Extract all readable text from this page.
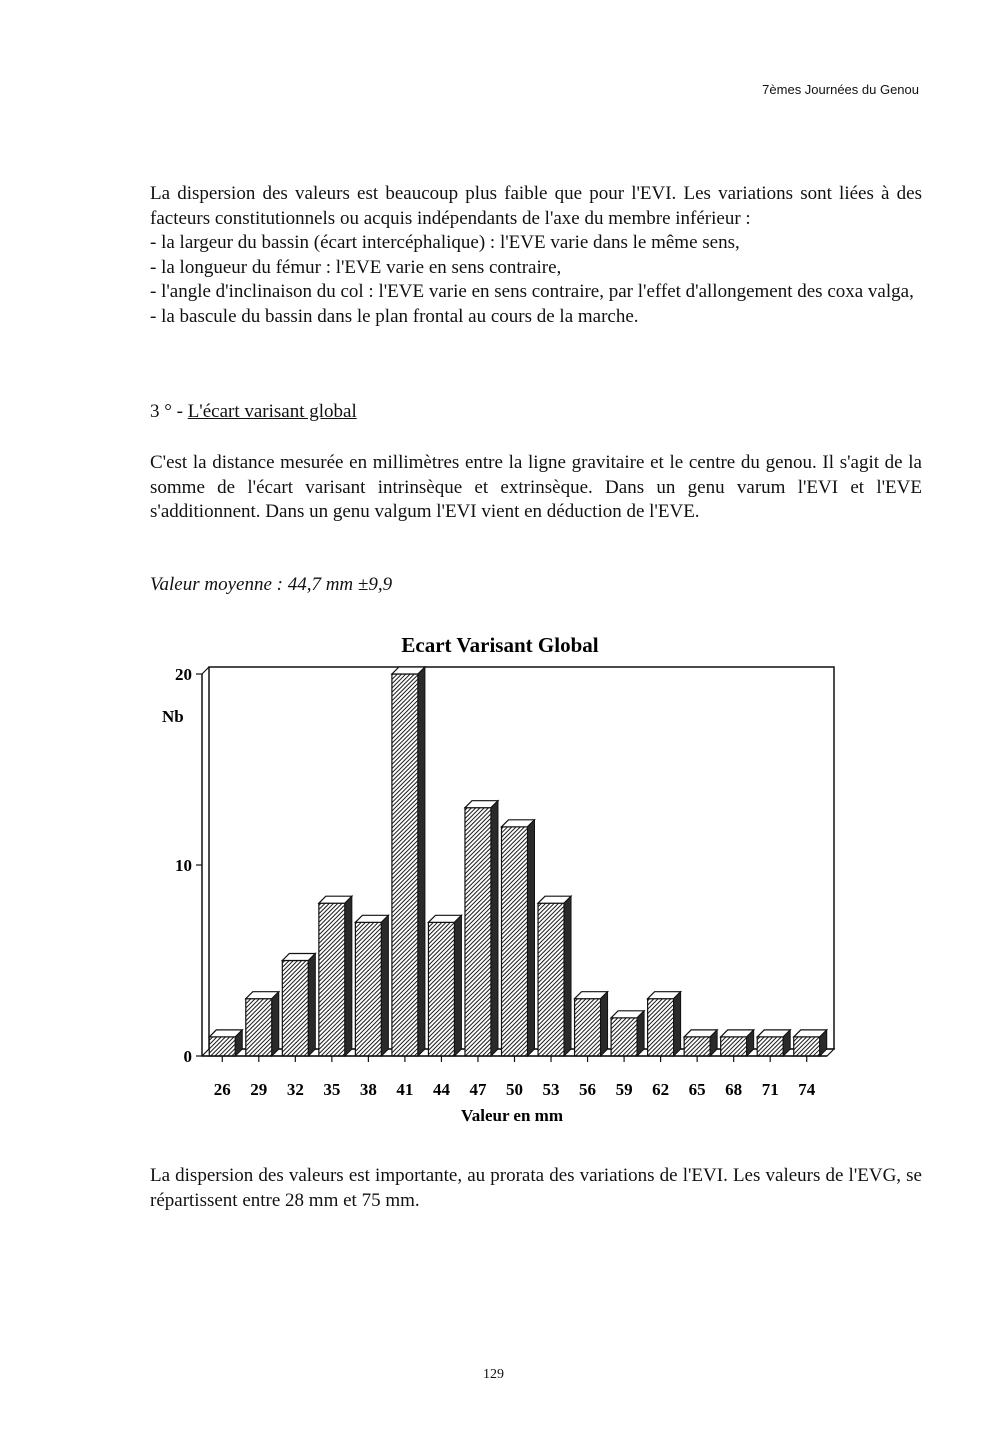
7èmes Journées du Genou
La dispersion des valeurs est beaucoup plus faible que pour l'EVI. Les variations sont liées à des facteurs constitutionnels ou acquis indépendants de l'axe du membre inférieur :
- la largeur du bassin (écart intercéphalique) : l'EVE varie dans le même sens,
- la longueur du fémur : l'EVE varie en sens contraire,
- l'angle d'inclinaison du col : l'EVE varie en sens contraire, par l'effet d'allongement des coxa valga,
- la bascule du bassin dans le plan frontal au cours de la marche.
3 ° - L'écart varisant global
C'est la distance mesurée en millimètres entre la ligne gravitaire et le centre du genou. Il s'agit de la somme de l'écart varisant intrinsèque et extrinsèque. Dans un genu varum l'EVI et l'EVE s'additionnent. Dans un genu valgum l'EVI vient en déduction de l'EVE.
Valeur moyenne : 44,7 mm ±9,9
Ecart Varisant Global
Nb
Valeur en mm
0
10
20
26 29 32 35 38 41 44 47 50 53 56 59 62 65 68 71 74
La dispersion des valeurs est importante, au prorata des variations de l'EVI. Les valeurs de l'EVG, se répartissent entre 28 mm et 75 mm.
129
